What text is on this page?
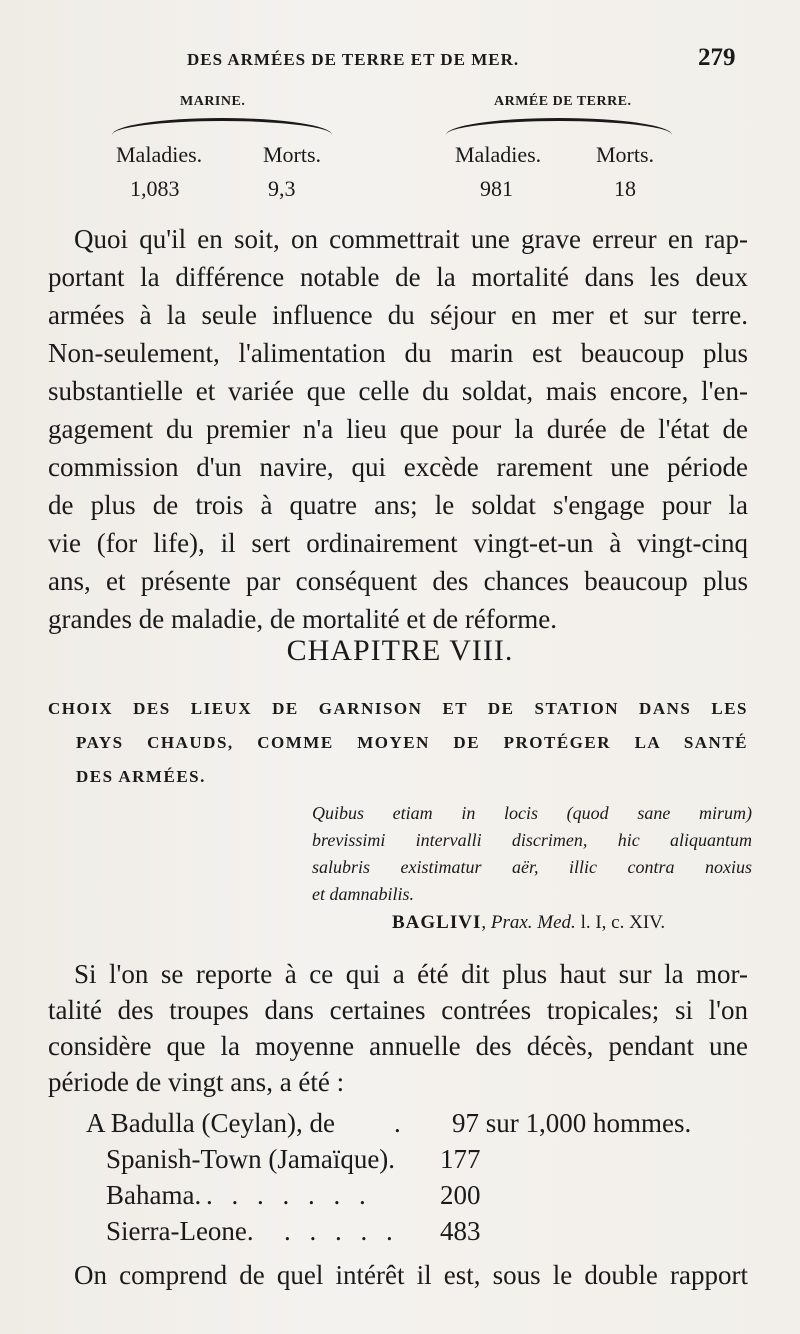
DES ARMÉES DE TERRE ET DE MER.	279
MARINE.	ARMÉE DE TERRE.
Maladies.	Morts.	Maladies. Morts.
1,083	9,3	981	18
Quoi qu'il en soit, on commettrait une grave erreur en rap-
portant la différence notable de la mortalité dans les deux
armées à la seule influence du séjour en mer et sur terre.
Non-seulement, l'alimentation du marin est beaucoup plus
substantielle et variée que celle du soldat, mais encore, l'en-
gagement du premier n'a lieu que pour la durée de l'état de
commission d'un navire, qui excède rarement une période
de plus de trois à quatre ans; le soldat s'engage pour la
vie (for life), il sert ordinairement vingt-et-un à vingt-cinq
ans, et présente par conséquent des chances beaucoup plus
grandes de maladie, de mortalité et de réforme.
CHAPITRE VIII.
CHOIX DES LIEUX DE GARNISON ET DE STATION DANS LES
PAYS CHAUDS, COMME MOYEN DE PROTÉGER LA SANTÉ
DES ARMÉES.
Quibus etiam in locis (quod sane mirum)
brevissimi intervalli discrimen, hic aliquantum
salubris existimatur aër, illic contra noxius
et damnabilis.
BAGLIVI, Prax. Med. l. I, c. XIV.
Si l'on se reporte à ce qui a été dit plus haut sur la mor-
talité des troupes dans certaines contrées tropicales; si l'on
considère que la moyenne annuelle des décès, pendant une
période de vingt ans, a été :
A Badulla (Ceylan), de . 97 sur 1,000 hommes.
Spanish-Town (Jamaïque). 177
Bahama. . . . . . . .	200
Sierra-Leone. . . . . . 483
On comprend de quel intérêt il est, sous le double rapport
